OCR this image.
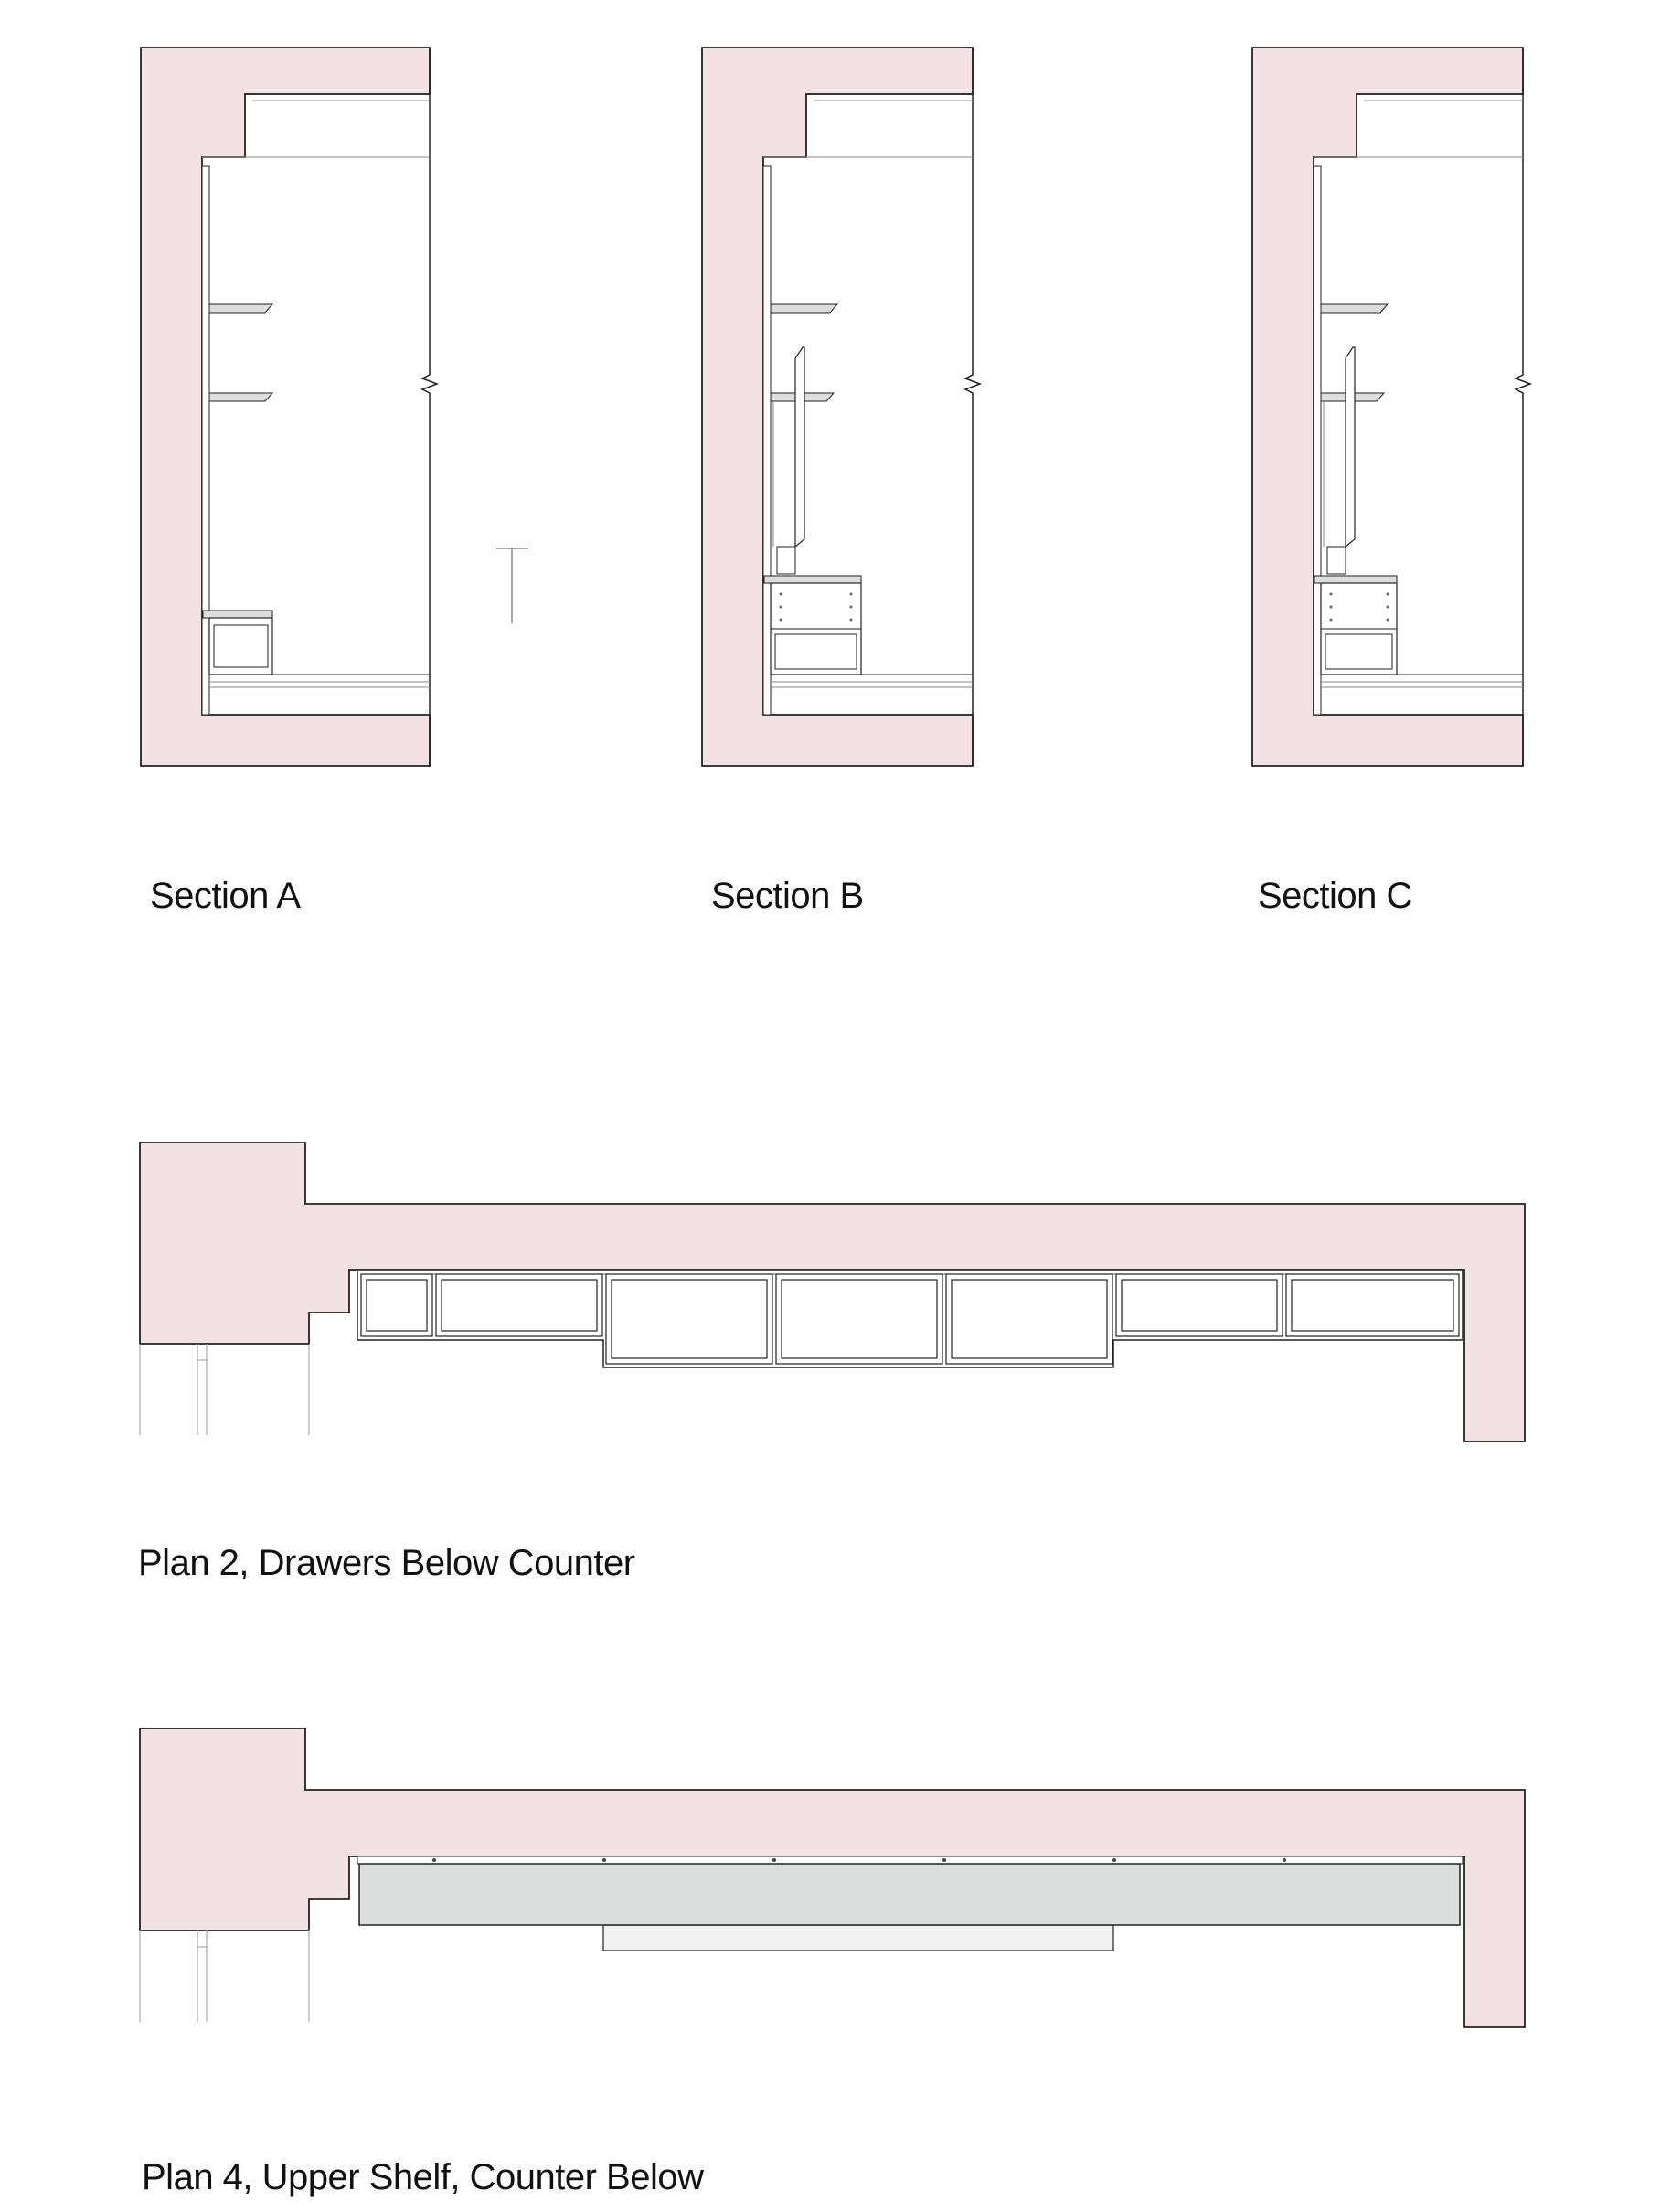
Section A	Section B	Section C
Plan 2, Drawers Below Counter
Plan 4, Upper Shelf, Counter Below
